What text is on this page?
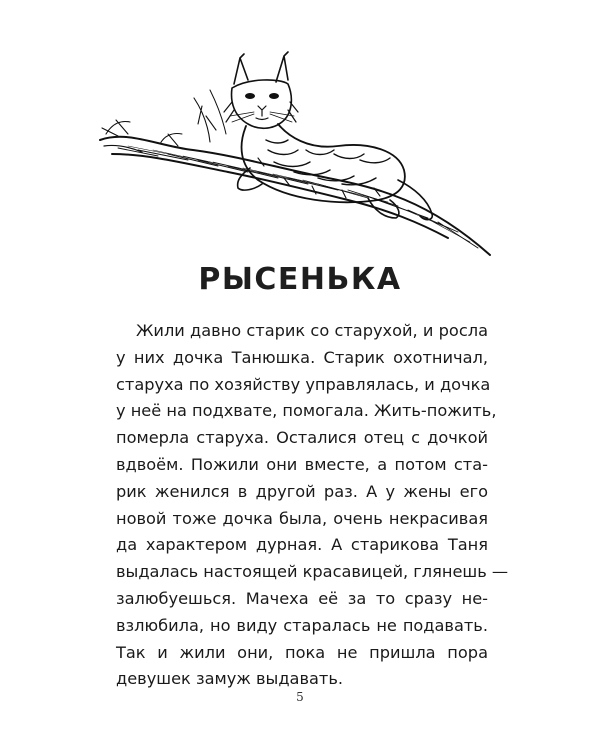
РЫСЕНЬКА
Жили давно старик со старухой, и росла
у них дочка Танюшка. Старик охотничал,
старуха по хозяйству управлялась, и дочка
у неё на подхвате, помогала. Жить-пожить,
померла старуха. Осталися отец с дочкой
вдвоём. Пожили они вместе, а потом ста-
рик женился в другой раз. А у жены его
новой тоже дочка была, очень некрасивая
да характером дурная. А старикова Таня
выдалась настоящей красавицей, глянешь —
залюбуешься. Мачеха её за то сразу не-
взлюбила, но виду старалась не подавать.
Так и жили они, пока не пришла пора
девушек замуж выдавать.
5
